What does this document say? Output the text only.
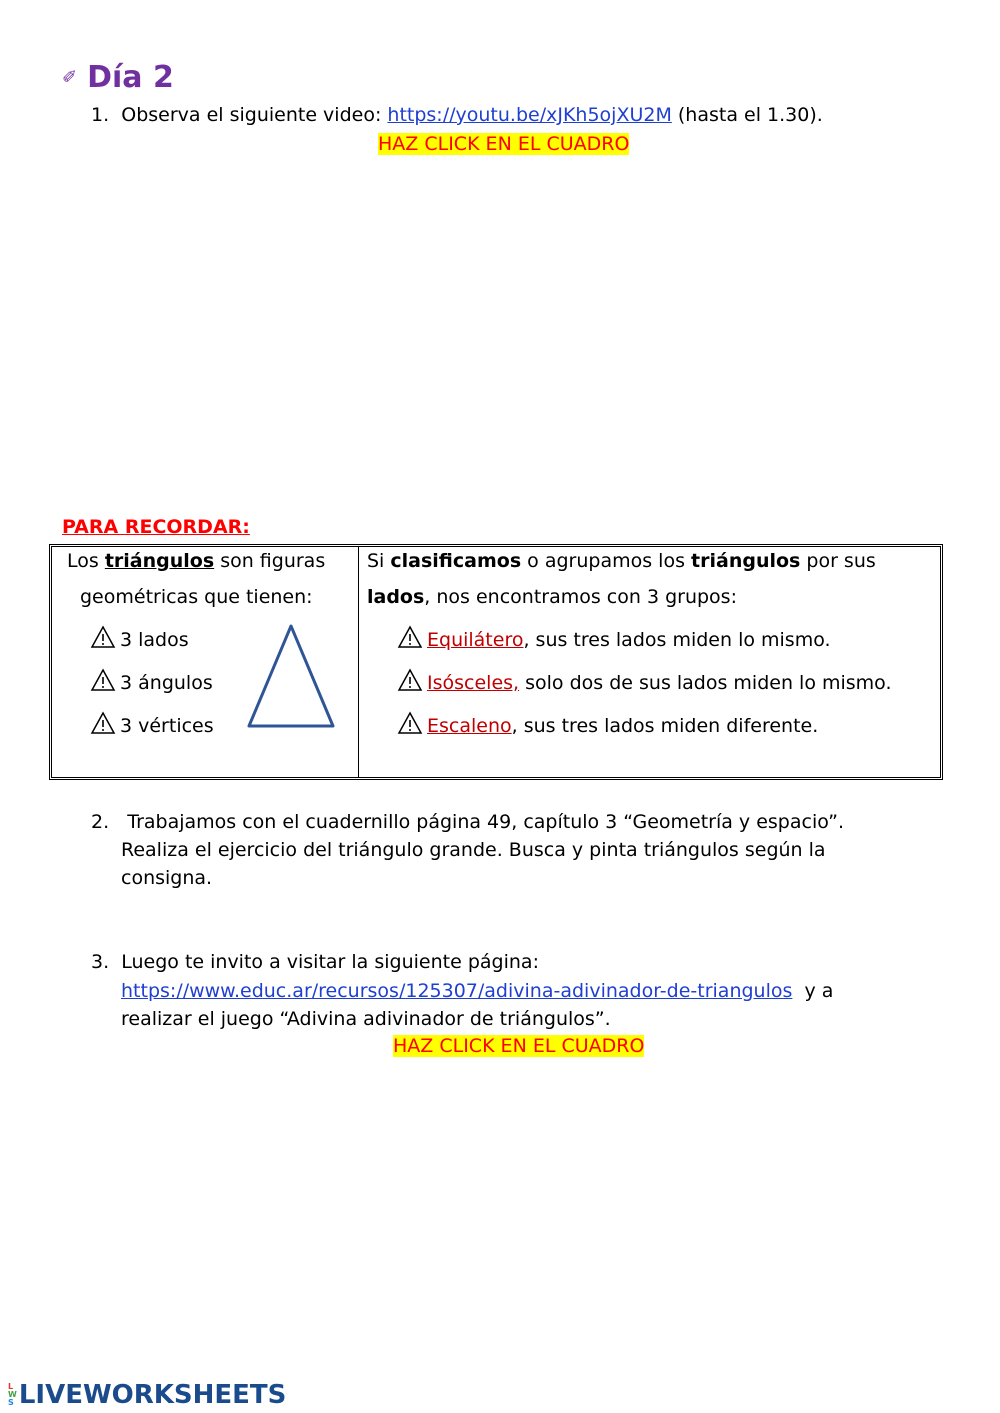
✐ Día 2
1. Observa el siguiente video: https://youtu.be/xJKh5ojXU2M (hasta el 1.30).
HAZ CLICK EN EL CUADRO
PARA RECORDAR:
Los triángulos son figuras
geométricas que tienen:
3 lados
3 ángulos
3 vértices
Si clasificamos o agrupamos los triángulos por sus
lados, nos encontramos con 3 grupos:
Equilátero, sus tres lados miden lo mismo.
Isósceles, solo dos de sus lados miden lo mismo.
Escaleno, sus tres lados miden diferente.
2. Trabajamos con el cuadernillo página 49, capítulo 3 “Geometría y espacio”.
Realiza el ejercicio del triángulo grande. Busca y pinta triángulos según la
consigna.
3. Luego te invito a visitar la siguiente página:
https://www.educ.ar/recursos/125307/adivina-adivinador-de-triangulos  y a
realizar el juego “Adivina adivinador de triángulos”.
HAZ CLICK EN EL CUADRO
L
W
S LIVEWORKSHEETS
